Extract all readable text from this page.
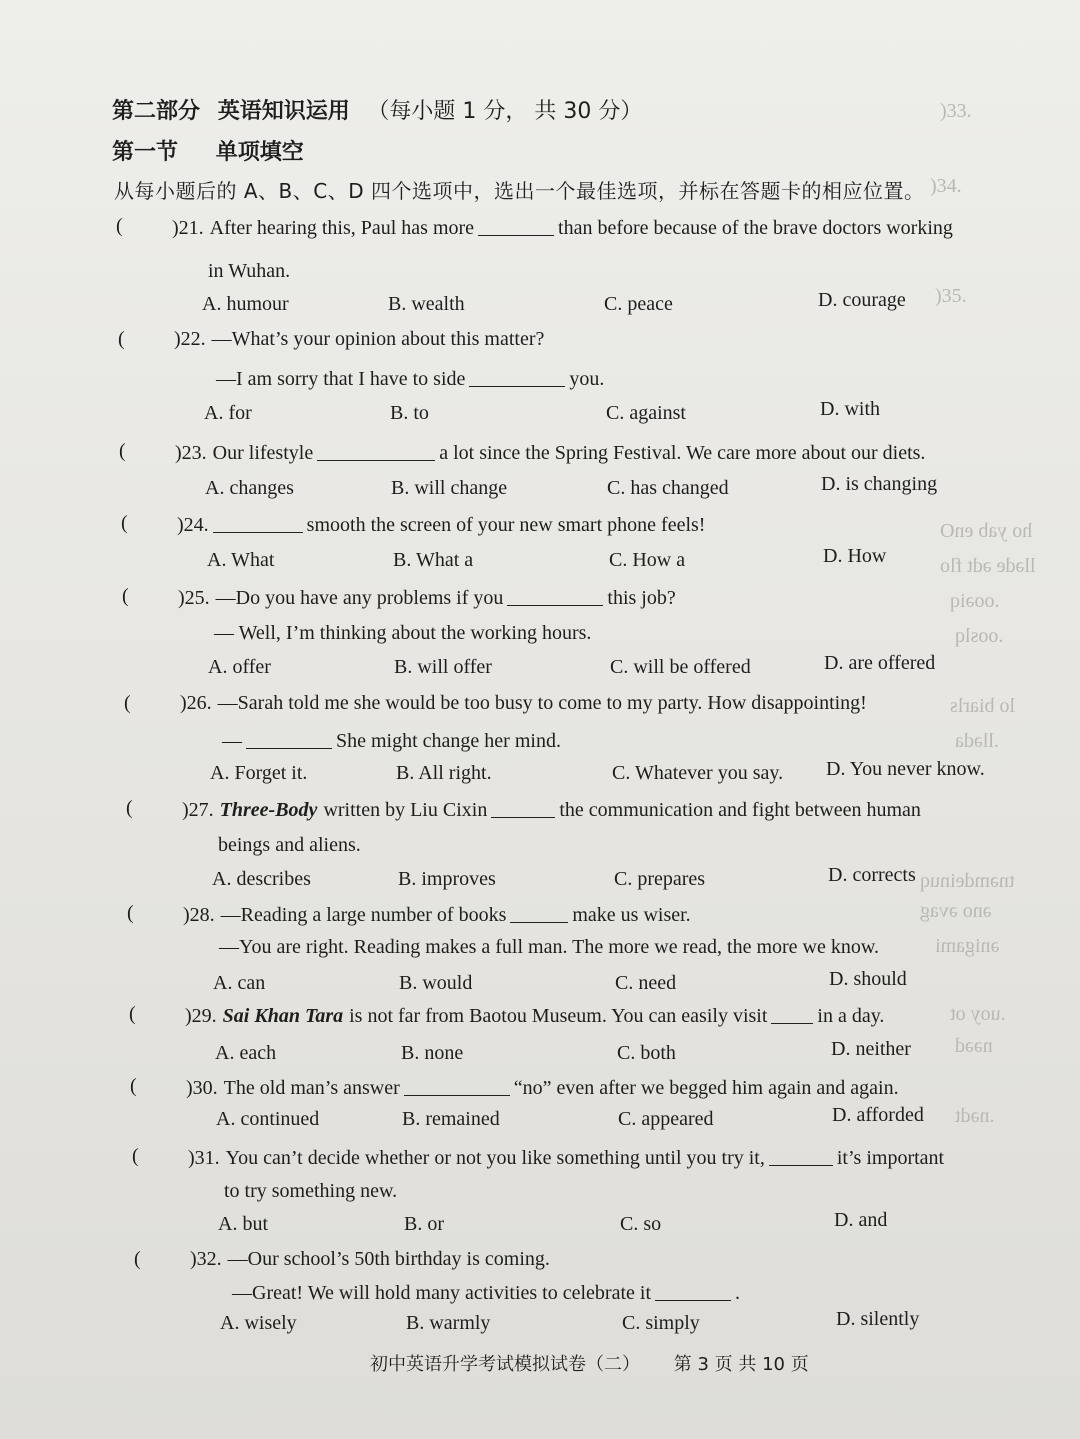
)33.
)34.
)35.
ho yab enO
lləde ədt flo
.ooəiq
.ooslq
lo biarls
.lləda
tnəmdeinuq
əno əvag
ənigami
.uoy ot
nəəd
.nədt
第二部分 英语知识运用 （每小题 1 分， 共 30 分）
第一节 单项填空
从每小题后的 A、B、C、D 四个选项中，选出一个最佳选项，并标在答题卡的相应位置。
( )21. After hearing this, Paul has more	than before because of the brave doctors working
in Wuhan.
A. humour	B. wealth	C. peace	D. courage
( )22. —What’s your opinion about this matter?
—I am sorry that I have to side	you.
A. for	B. to	C. against	D. with
( )23. Our lifestyle	a lot since the Spring Festival. We care more about our diets.
A. changes	B. will change	C. has changed	D. is changing
( )24.	smooth the screen of your new smart phone feels!
A. What	B. What a	C. How a	D. How
( )25. —Do you have any problems if you	this job?
— Well, I’m thinking about the working hours.
A. offer	B. will offer	C. will be offered	D. are offered
( )26. —Sarah told me she would be too busy to come to my party. How disappointing!
—	She might change her mind.
A. Forget it.	B. All right.	C. Whatever you say. D. You never know.
( )27. Three-Body written by Liu Cixin	the communication and fight between human
beings and aliens.
A. describes	B. improves	C. prepares	D. corrects
( )28. —Reading a large number of books	make us wiser.
—You are right. Reading makes a full man. The more we read, the more we know.
A. can	B. would	C. need	D. should
( )29. Sai Khan Tara is not far from Baotou Museum. You can easily visit	in a day.
A. each	B. none	C. both	D. neither
( )30. The old man’s answer	“no” even after we begged him again and again.
A. continued	B. remained	C. appeared	D. afforded
( )31. You can’t decide whether or not you like something until you try it,	it’s important
to try something new.
A. but	B. or	C. so	D. and
( )32. —Our school’s 50th birthday is coming.
—Great! We will hold many activities to celebrate it	.
A. wisely	B. warmly	C. simply	D. silently
初中英语升学考试模拟试卷（二） 第 3 页 共 10 页
